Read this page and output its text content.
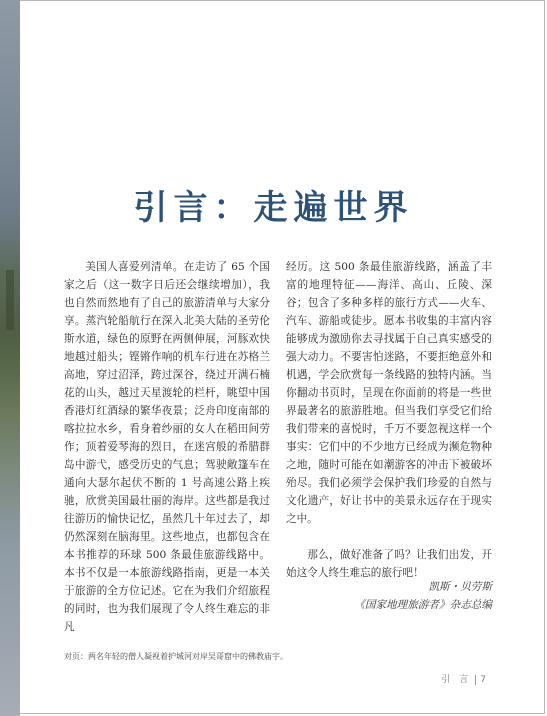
引言：走遍世界

美国人喜爱列清单。在走访了 65 个国家之后（这一数字日后还会继续增加），我也自然而然地有了自己的旅游清单与大家分享。蒸汽轮船航行在深入北美大陆的圣劳伦斯水道，绿色的原野在两侧伸展，河豚欢快地越过船头；铿锵作响的机车行进在苏格兰高地，穿过沼泽，跨过深谷，绕过开满石楠花的山头，越过天星渡轮的栏杆，眺望中国香港灯红酒绿的繁华夜景；泛舟印度南部的喀拉拉水乡，看身着纱丽的女人在稻田间劳作；顶着爱琴海的烈日，在迷宫般的希腊群岛中游弋，感受历史的气息；驾驶敞篷车在通向大瑟尔起伏不断的 1 号高速公路上疾驰，欣赏美国最壮丽的海岸。这些都是我过往游历的愉快记忆，虽然几十年过去了，却仍然深刻在脑海里。这些地点，也都包含在本书推荐的环球 500 条最佳旅游线路中。本书不仅是一本旅游线路指南，更是一本关于旅游的全方位记述。它在为我们介绍旅程的同时，也为我们展现了令人终生难忘的非凡

经历。这 500 条最佳旅游线路，涵盖了丰富的地理特征——海洋、高山、丘陵、深谷；包含了多种多样的旅行方式——火车、汽车、游船或徒步。愿本书收集的丰富内容能够成为激励你去寻找属于自己真实感受的强大动力。不要害怕迷路，不要拒绝意外和机遇，学会欣赏每一条线路的独特内涵。当你翻动书页时，呈现在你面前的将是一些世界最著名的旅游胜地。但当我们享受它们给我们带来的喜悦时，千万不要忽视这样一个事实：它们中的不少地方已经成为濒危物种之地，随时可能在如潮游客的冲击下被破坏殆尽。我们必须学会保护我们珍爱的自然与文化遗产，好让书中的美景永远存在于现实之中。

那么，做好准备了吗？让我们出发，开始这令人终生难忘的旅行吧！

凯斯・贝劳斯
《国家地理旅游者》杂志总编
对页：两名年轻的僧人凝视着护城河对岸吴哥窟中的佛教庙宇。
引 言 7
